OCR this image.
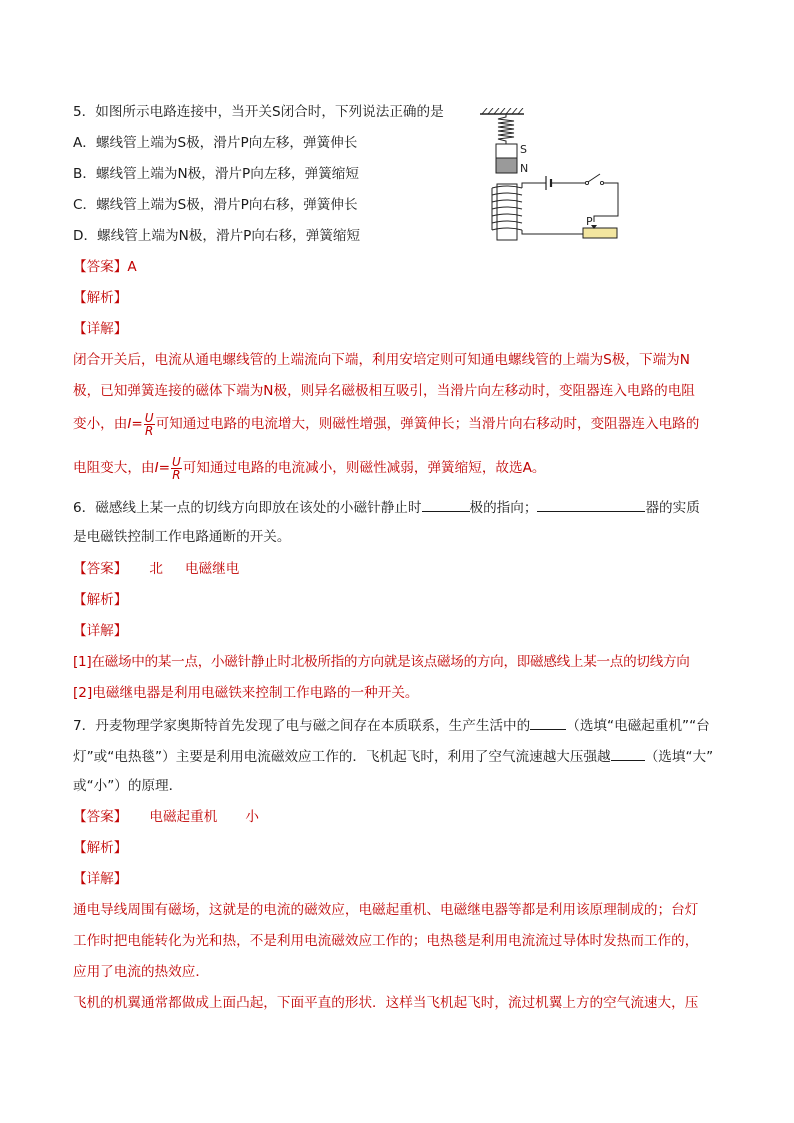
5．如图所示电路连接中，当开关S闭合时，下列说法正确的是
A．螺线管上端为S极，滑片P向左移，弹簧伸长
B．螺线管上端为N极，滑片P向左移，弹簧缩短
C．螺线管上端为S极，滑片P向右移，弹簧伸长
D．螺线管上端为N极，滑片P向右移，弹簧缩短
S
N
P
【答案】A
【解析】
【详解】
闭合开关后，电流从通电螺线管的上端流向下端，利用安培定则可知通电螺线管的上端为S极，下端为N
极，已知弹簧连接的磁体下端为N极，则异名磁极相互吸引，当滑片向左移动时，变阻器连入电路的电阻
变小，由$I= \frac{U}{R}$ 可知通过电路的电流增大，则磁性增强，弹簧伸长；当滑片向右移动时，变阻器连入电路的
电阻变大，由$I= \frac{U}{R}$ 可知通过电路的电流减小，则磁性减弱，弹簧缩短，故选A。
6．磁感线上某一点的切线方向即放在该处的小磁针静止时	极的指向；	器的实质
是电磁铁控制工作电路通断的开关。
【答案】 北 电磁继电
【解析】
【详解】
[1]在磁场中的某一点，小磁针静止时北极所指的方向就是该点磁场的方向，即磁感线上某一点的切线方向
[2]电磁继电器是利用电磁铁来控制工作电路的一种开关。
7．丹麦物理学家奥斯特首先发现了电与磁之间存在本质联系，生产生活中的	（选填“电磁起重机”“台
灯”或“电热毯”）主要是利用电流磁效应工作的．飞机起飞时，利用了空气流速越大压强越	（选填“大”
或“小”）的原理．
【答案】 电磁起重机 小
【解析】
【详解】
通电导线周围有磁场，这就是的电流的磁效应，电磁起重机、电磁继电器等都是利用该原理制成的；台灯
工作时把电能转化为光和热，不是利用电流磁效应工作的；电热毯是利用电流流过导体时发热而工作的，
应用了电流的热效应．
飞机的机翼通常都做成上面凸起，下面平直的形状．这样当飞机起飞时，流过机翼上方的空气流速大，压
